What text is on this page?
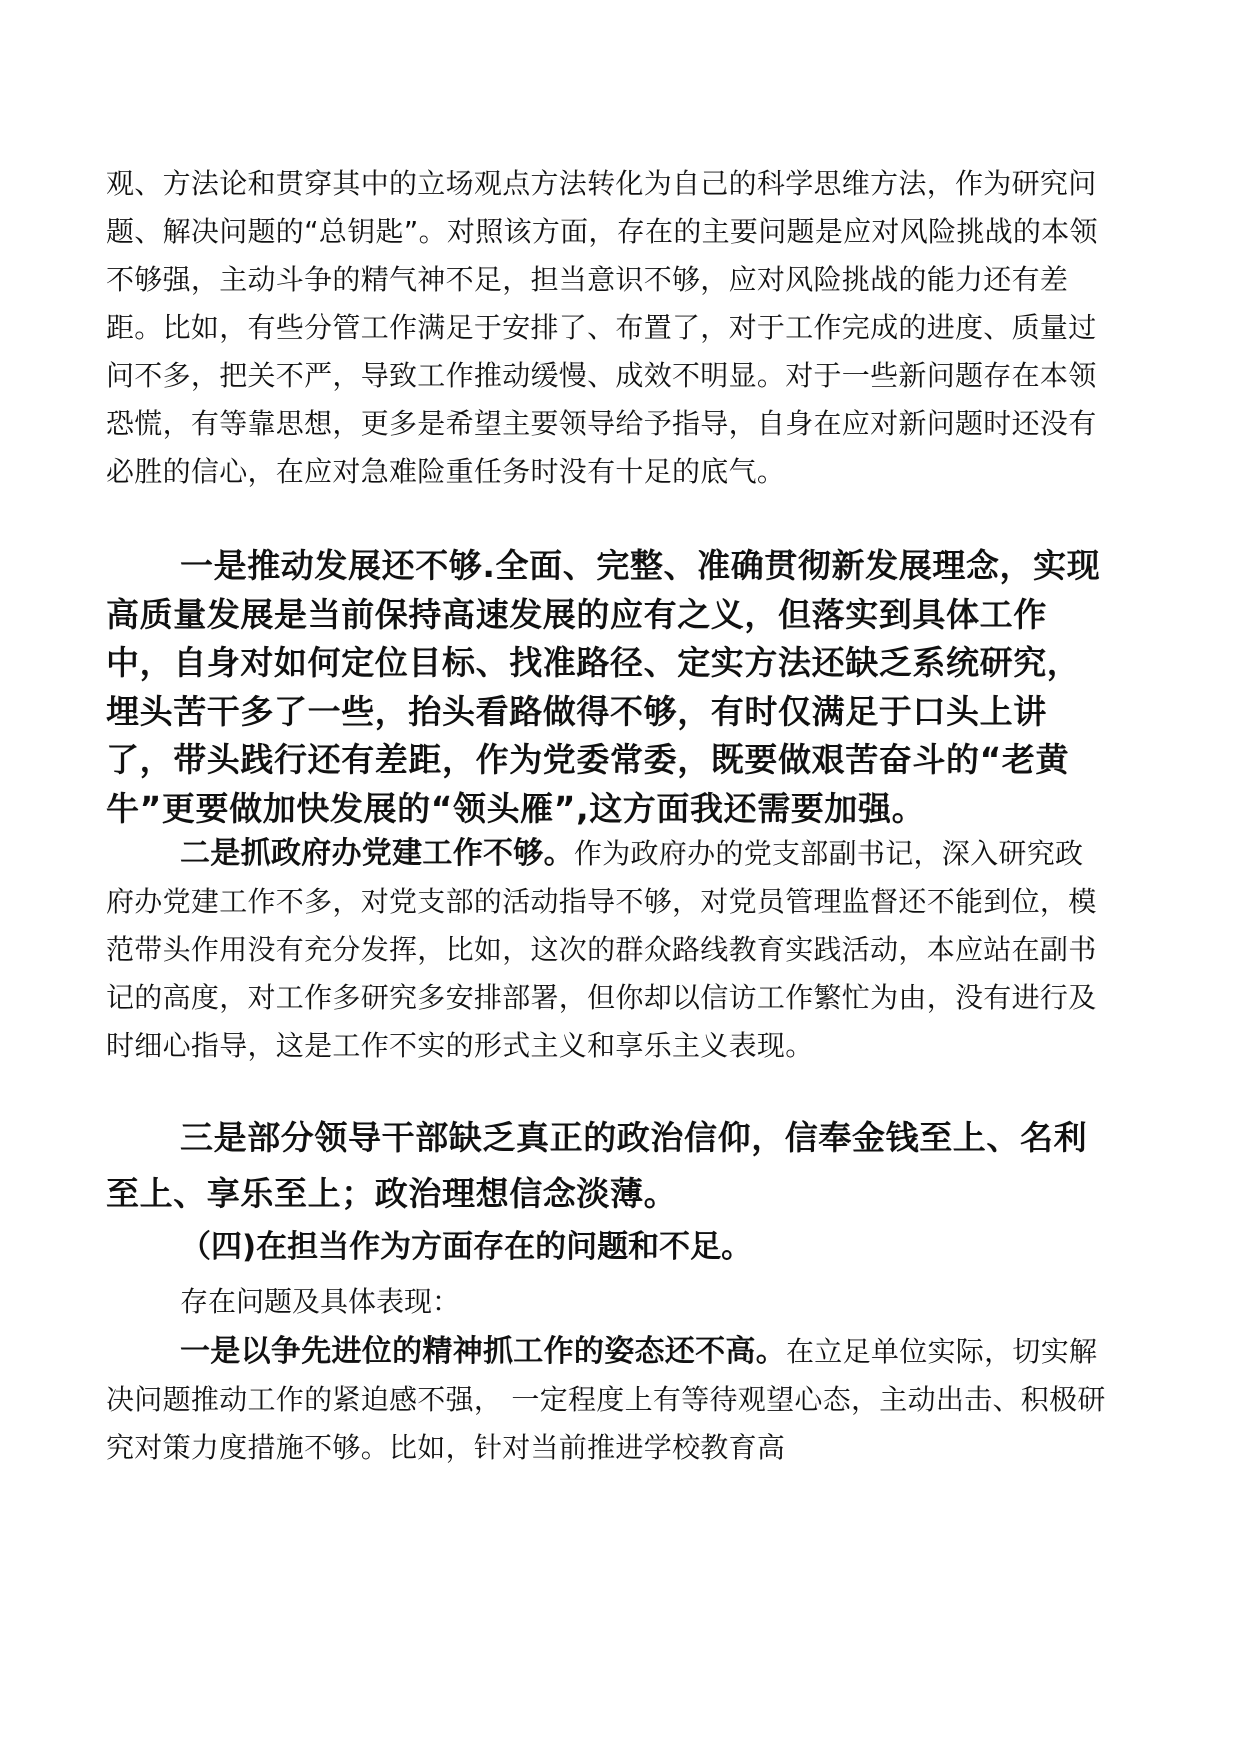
观、方法论和贯穿其中的立场观点方法转化为自己的科学思维方法，作为研究问题、解决问题的“总钥匙”。对照该方面，存在的主要问题是应对风险挑战的本领不够强，主动斗争的精气神不足，担当意识不够，应对风险挑战的能力还有差距。比如，有些分管工作满足于安排了、布置了，对于工作完成的进度、质量过问不多，把关不严，导致工作推动缓慢、成效不明显。对于一些新问题存在本领恐慌，有等靠思想，更多是希望主要领导给予指导，自身在应对新问题时还没有必胜的信心，在应对急难险重任务时没有十足的底气。

一是推动发展还不够.全面、完整、准确贯彻新发展理念，实现高质量发展是当前保持高速发展的应有之义，但落实到具体工作中，自身对如何定位目标、找准路径、定实方法还缺乏系统研究，埋头苦干多了一些，抬头看路做得不够，有时仅满足于口头上讲了，带头践行还有差距，作为党委常委，既要做艰苦奋斗的“老黄牛”更要做加快发展的“领头雁”,这方面我还需要加强。

二是抓政府办党建工作不够。作为政府办的党支部副书记，深入研究政府办党建工作不多，对党支部的活动指导不够，对党员管理监督还不能到位，模范带头作用没有充分发挥，比如，这次的群众路线教育实践活动，本应站在副书记的高度，对工作多研究多安排部署，但你却以信访工作繁忙为由，没有进行及时细心指导，这是工作不实的形式主义和享乐主义表现。

三是部分领导干部缺乏真正的政治信仰，信奉金钱至上、名利至上、享乐至上；政治理想信念淡薄。

（四)在担当作为方面存在的问题和不足。

存在问题及具体表现：

一是以争先进位的精神抓工作的姿态还不高。在立足单位实际，切实解决问题推动工作的紧迫感不强， 一定程度上有等待观望心态，主动出击、积极研究对策力度措施不够。比如，针对当前推进学校教育高
